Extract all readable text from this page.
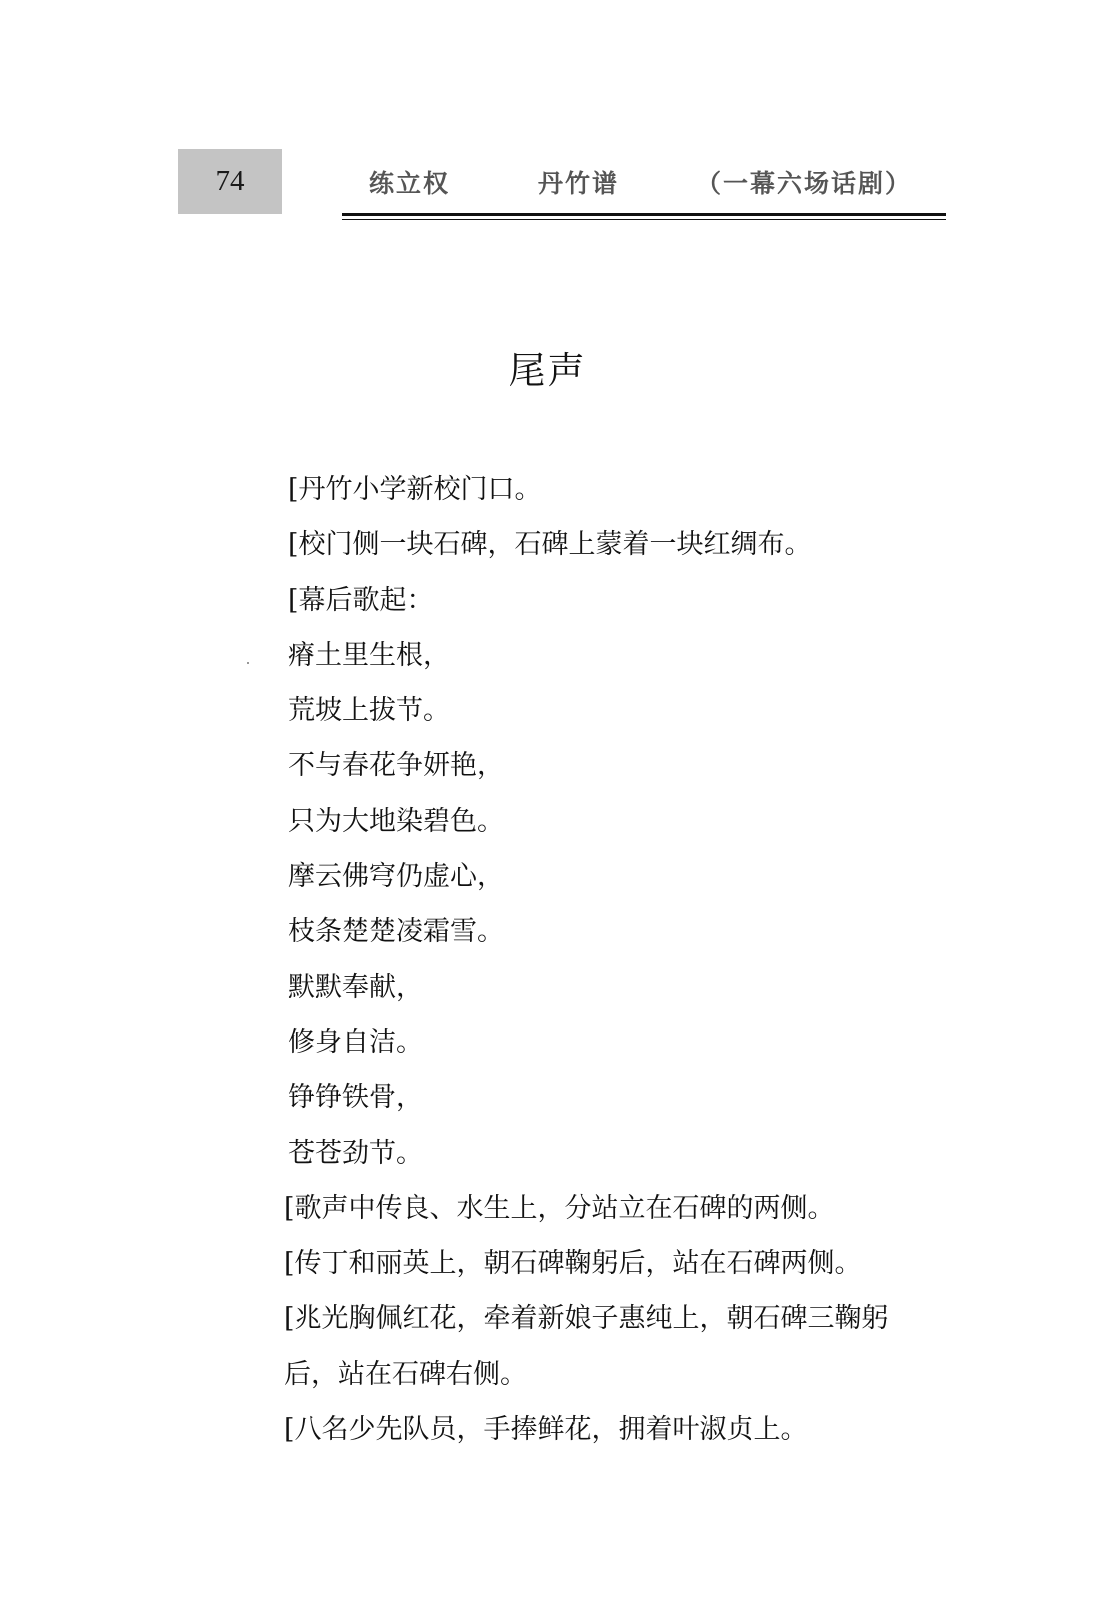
74	练立权	丹竹谱	（一幕六场话剧）
尾声
[丹竹小学新校门口。
[校门侧一块石碑，石碑上蒙着一块红绸布。
[幕后歌起：
瘠土里生根，
荒坡上拔节。
不与春花争妍艳，
只为大地染碧色。
摩云佛穹仍虚心，
枝条楚楚凌霜雪。
默默奉献，
修身自洁。
铮铮铁骨，
苍苍劲节。
[歌声中传良、水生上，分站立在石碑的两侧。
[传丁和丽英上，朝石碑鞠躬后，站在石碑两侧。
[兆光胸佩红花，牵着新娘子惠纯上，朝石碑三鞠躬
后，站在石碑右侧。
[八名少先队员，手捧鲜花，拥着叶淑贞上。
